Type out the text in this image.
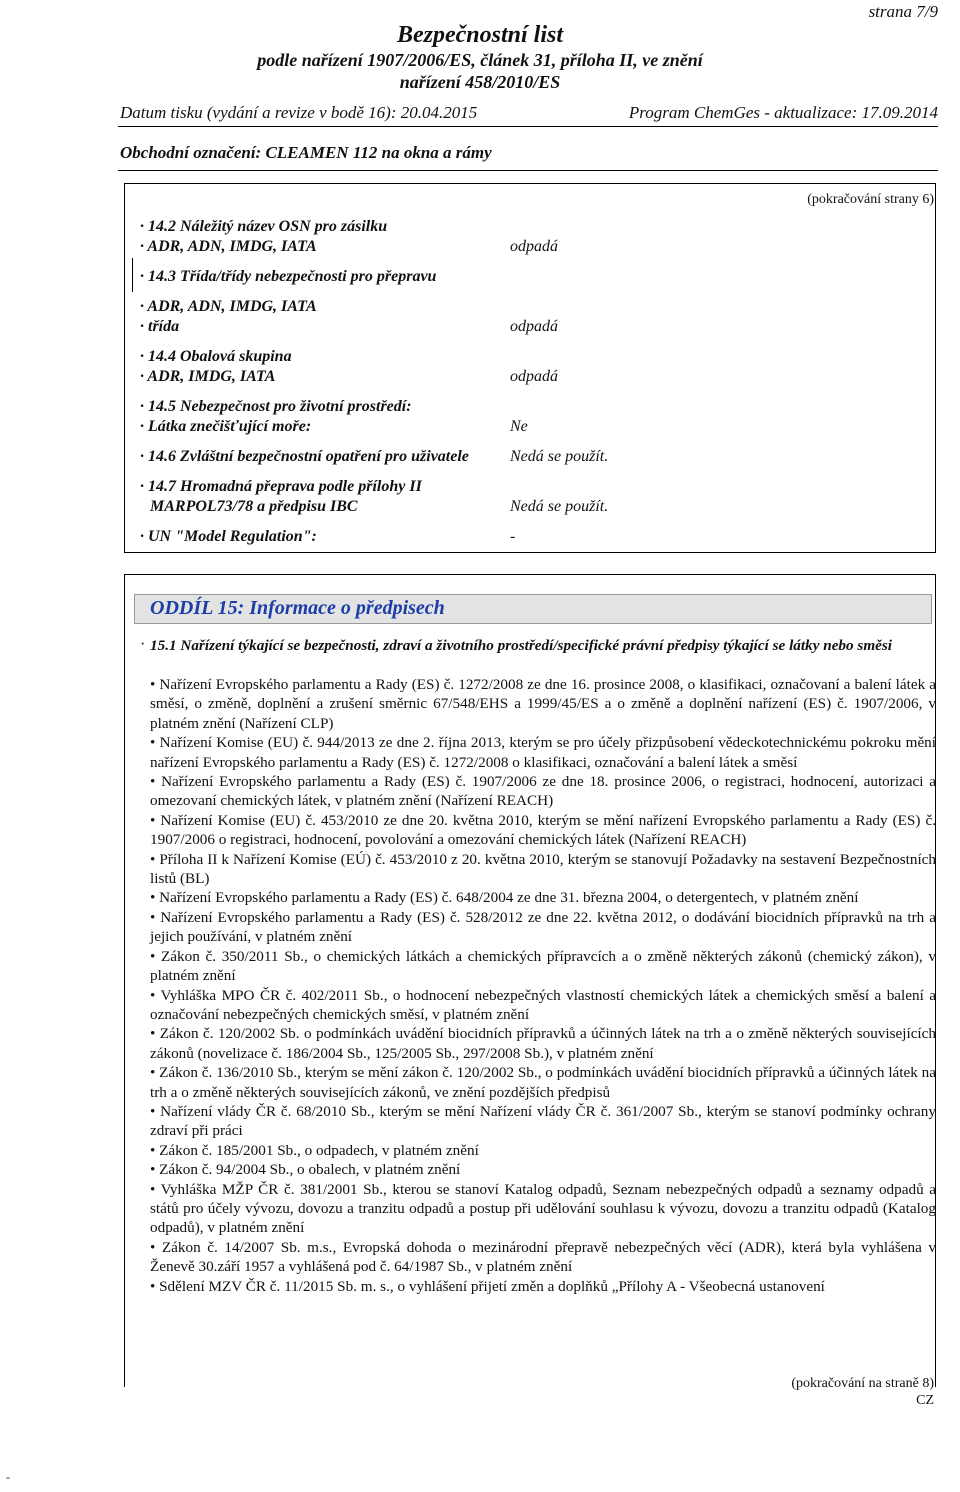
strana 7/9
Bezpečnostní list
podle nařízení 1907/2006/ES, článek 31, příloha II, ve znění
nařízení 458/2010/ES
Datum tisku (vydání a revize v bodě 16): 20.04.2015	Program ChemGes - aktualizace: 17.09.2014
Obchodní označení: CLEAMEN 112 na okna a rámy
(pokračování strany 6)
· 14.2 Náležitý název OSN pro zásilku
· ADR, ADN, IMDG, IATA	odpadá
· 14.3 Třída/třídy nebezpečnosti pro přepravu
· ADR, ADN, IMDG, IATA
· třída	odpadá
· 14.4 Obalová skupina
· ADR, IMDG, IATA	odpadá
· 14.5 Nebezpečnost pro životní prostředí:
· Látka znečišťující moře:	Ne
· 14.6 Zvláštní bezpečnostní opatření pro uživatele	Nedá se použít.
· 14.7 Hromadná přeprava podle přílohy II
MARPOL73/78 a předpisu IBC	Nedá se použít.
· UN "Model Regulation":	-
ODDÍL 15: Informace o předpisech
· 15.1 Nařízení týkající se bezpečnosti, zdraví a životního prostředí/specifické právní předpisy týkající se látky nebo směsi
• Nařízení Evropského parlamentu a Rady (ES) č. 1272/2008 ze dne 16. prosince 2008, o klasifikaci, označovaní a balení látek a směsí, o změně, doplnění a zrušení směrnic 67/548/EHS a 1999/45/ES a o změně a doplnění nařízení (ES) č. 1907/2006, v platném znění (Nařízení CLP)
• Nařízení Komise (EU) č. 944/2013 ze dne 2. října 2013, kterým se pro účely přizpůsobení vědeckotechnickému pokroku mění nařízení Evropského parlamentu a Rady (ES) č. 1272/2008 o klasifikaci, označování a balení látek a směsí
• Nařízení Evropského parlamentu a Rady (ES) č. 1907/2006 ze dne 18. prosince 2006, o registraci, hodnocení, autorizaci a omezovaní chemických látek, v platném znění (Nařízení REACH)
• Nařízení Komise (EU) č. 453/2010 ze dne 20. května 2010, kterým se mění nařízení Evropského parlamentu a Rady (ES) č. 1907/2006 o registraci, hodnocení, povolování a omezování chemických látek (Nařízení REACH)
• Příloha II k Nařízení Komise (EÚ) č. 453/2010 z 20. května 2010, kterým se stanovují Požadavky na sestavení Bezpečnostních listů (BL)
• Nařízení Evropského parlamentu a Rady (ES) č. 648/2004 ze dne 31. března 2004, o detergentech, v platném znění
• Nařízení Evropského parlamentu a Rady (ES) č. 528/2012 ze dne 22. května 2012, o dodávání biocidních přípravků na trh a jejich používání, v platném znění
• Zákon č. 350/2011 Sb., o chemických látkách a chemických přípravcích a o změně některých zákonů (chemický zákon), v platném znění
• Vyhláška MPO ČR č. 402/2011 Sb., o hodnocení nebezpečných vlastností chemických látek a chemických směsí a balení a označování nebezpečných chemických směsí, v platném znění
• Zákon č. 120/2002 Sb. o podmínkách uvádění biocidních přípravků a účinných látek na trh a o změně některých souvisejících zákonů (novelizace č. 186/2004 Sb., 125/2005 Sb., 297/2008 Sb.), v platném znění
• Zákon č. 136/2010 Sb., kterým se mění zákon č. 120/2002 Sb., o podmínkách uvádění biocidních přípravků a účinných látek na trh a o změně některých souvisejících zákonů, ve znění pozdějších předpisů
• Nařízení vlády ČR č. 68/2010 Sb., kterým se mění Nařízení vlády ČR č. 361/2007 Sb., kterým se stanoví podmínky ochrany zdraví při práci
• Zákon č. 185/2001 Sb., o odpadech, v platném znění
• Zákon č. 94/2004 Sb., o obalech, v platném znění
• Vyhláška MŽP ČR č. 381/2001 Sb., kterou se stanoví Katalog odpadů, Seznam nebezpečných odpadů a seznamy odpadů a států pro účely vývozu, dovozu a tranzitu odpadů a postup při udělování souhlasu k vývozu, dovozu a tranzitu odpadů (Katalog odpadů), v platném znění
• Zákon č. 14/2007 Sb. m.s., Evropská dohoda o mezinárodní přepravě nebezpečných věcí (ADR), která byla vyhlášena v Ženevě 30.září 1957 a vyhlášená pod č. 64/1987 Sb., v platném znění
• Sdělení MZV ČR č. 11/2015 Sb. m. s., o vyhlášení přijetí změn a doplňků „Přílohy A - Všeobecná ustanovení
(pokračování na straně 8)
CZ
-
